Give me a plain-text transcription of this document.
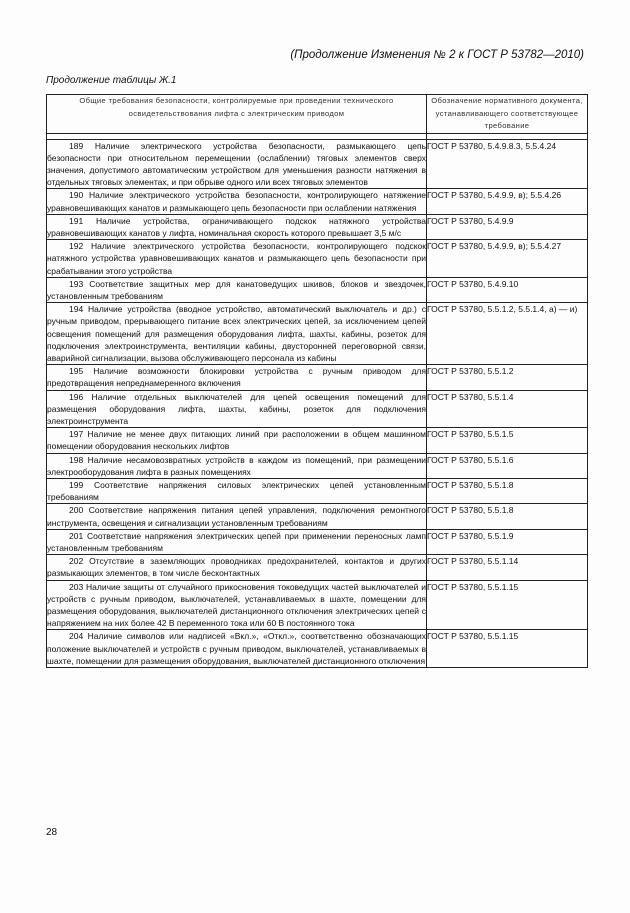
(Продолжение Изменения № 2 к ГОСТ Р 53782—2010)
Продолжение таблицы Ж.1
Общие требования безопасности, контролируемые при проведении технического освидетельствования лифта с электрическим приводом	Обозначение нормативного документа, устанавливающего соответствующее требование

189 Наличие электрического устройства безопасности, размыкающего цепь безопасности при относительном перемещении (ослаблении) тяговых элементов сверх значения, допустимого автоматическим устройством для уменьшения разности натяжения в отдельных тяговых элементах, и при обрыве одного или всех тяговых элементов	ГОСТ Р 53780, 5.4.9.8.3, 5.5.4.24
190 Наличие электрического устройства безопасности, контролирующего натяжение уравновешивающих канатов и размыкающего цепь безопасности при ослаблении натяжения	ГОСТ Р 53780, 5.4.9.9, в); 5.5.4.26
191 Наличие устройства, ограничивающего подскок натяжного устройства уравновешивающих канатов у лифта, номинальная скорость которого превышает 3,5 м/с	ГОСТ Р 53780, 5.4.9.9
192 Наличие электрического устройства безопасности, контролирующего подскок натяжного устройства уравновешивающих канатов и размыкающего цепь безопасности при срабатывании этого устройства	ГОСТ Р 53780, 5.4.9.9, в); 5.5.4.27
193 Соответствие защитных мер для канатоведущих шкивов, блоков и звездочек, установленным требованиям	ГОСТ Р 53780, 5.4.9.10
194 Наличие устройства (вводное устройство, автоматический выключатель и др.) с ручным приводом, прерывающего питание всех электрических цепей, за исключением цепей освещения помещений для размещения оборудования лифта, шахты, кабины, розеток для подключения электроинструмента, вентиляции кабины, двусторонней переговорной связи, аварийной сигнализации, вызова обслуживающего персонала из кабины	ГОСТ Р 53780, 5.5.1.2, 5.5.1.4, а) — и)
195 Наличие возможности блокировки устройства с ручным приводом для предотвращения непреднамеренного включения	ГОСТ Р 53780, 5.5.1.2
196 Наличие отдельных выключателей для цепей освещения помещений для размещения оборудования лифта, шахты, кабины, розеток для подключения электроинструмента	ГОСТ Р 53780, 5.5.1.4
197 Наличие не менее двух питающих линий при расположении в общем машинном помещении оборудования нескольких лифтов	ГОСТ Р 53780, 5.5.1.5
198 Наличие несамовозвратных устройств в каждом из помещений, при размещении электрооборудования лифта в разных помещениях	ГОСТ Р 53780, 5.5.1.6
199 Соответствие напряжения силовых электрических цепей установленным требованиям	ГОСТ Р 53780, 5.5.1.8
200 Соответствие напряжения питания цепей управления, подключения ремонтного инструмента, освещения и сигнализации установленным требованиям	ГОСТ Р 53780, 5.5.1.8
201 Соответствие напряжения электрических цепей при применении переносных ламп установленным требованиям	ГОСТ Р 53780, 5.5.1.9
202 Отсутствие в заземляющих проводниках предохранителей, контактов и других размыкающих элементов, в том числе бесконтактных	ГОСТ Р 53780, 5.5.1.14
203 Наличие защиты от случайного прикосновения токоведущих частей выключателей и устройств с ручным приводом, выключателей, устанавливаемых в шахте, помещении для размещения оборудования, выключателей дистанционного отключения электрических цепей с напряжением на них более 42 В переменного тока или 60 В постоянного тока	ГОСТ Р 53780, 5.5.1.15
204 Наличие символов или надписей «Вкл.», «Откл.», соответственно обозначающих положение выключателей и устройств с ручным приводом, выключателей, устанавливаемых в шахте, помещении для размещения оборудования, выключателей дистанционного отключения	ГОСТ Р 53780, 5.5.1.15
28
